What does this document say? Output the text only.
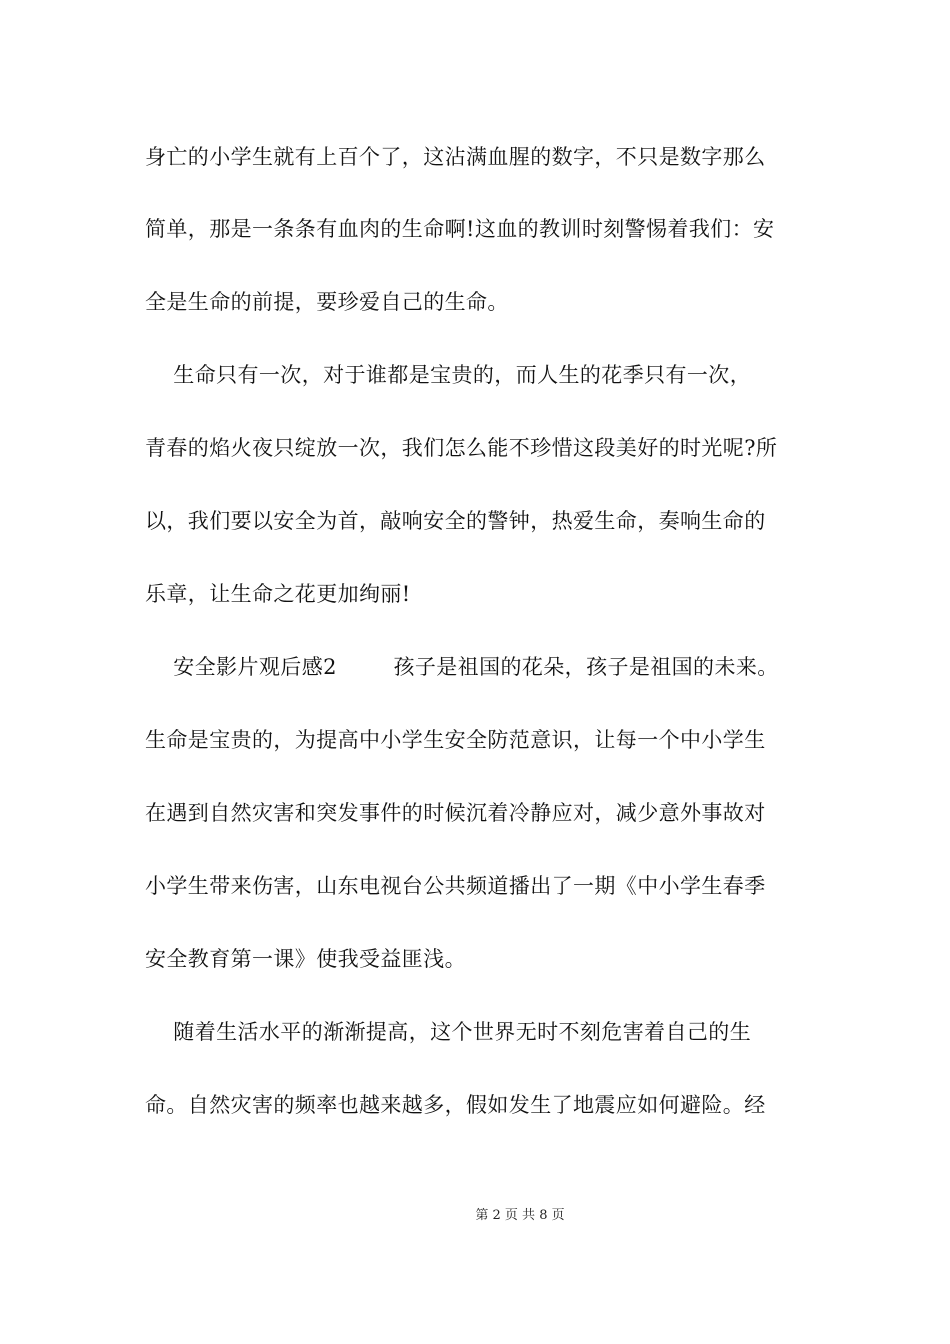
身亡的小学生就有上百个了，这沾满血腥的数字，不只是数字那么
简单，那是一条条有血肉的生命啊!这血的教训时刻警惕着我们：安
全是生命的前提，要珍爱自己的生命。
生命只有一次，对于谁都是宝贵的，而人生的花季只有一次，
青春的焰火夜只绽放一次，我们怎么能不珍惜这段美好的时光呢?所
以，我们要以安全为首，敲响安全的警钟，热爱生命，奏响生命的
乐章，让生命之花更加绚丽!
安全影片观后感2        孩子是祖国的花朵，孩子是祖国的未来。
生命是宝贵的，为提高中小学生安全防范意识，让每一个中小学生
在遇到自然灾害和突发事件的时候沉着冷静应对，减少意外事故对
小学生带来伤害，山东电视台公共频道播出了一期《中小学生春季
安全教育第一课》使我受益匪浅。
随着生活水平的渐渐提高，这个世界无时不刻危害着自己的生
命。自然灾害的频率也越来越多，假如发生了地震应如何避险。经
第 2 页 共 8 页
